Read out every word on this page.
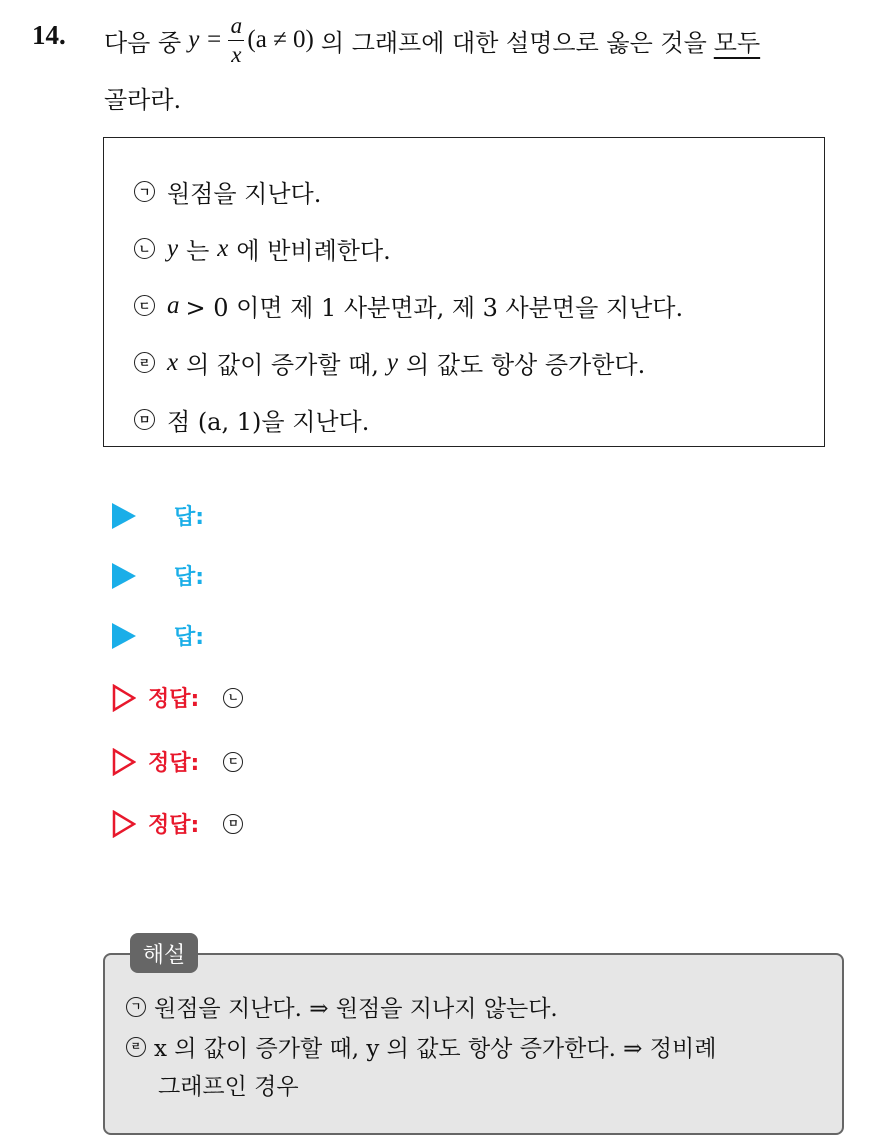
14. 다음 중 $y = \frac{a}{x} (a \ne 0)$ 의 그래프에 대한 설명으로 옳은 것을 모두
골라라.
ㄱ 원점을 지난다.
ㄴ y 는 x 에 반비례한다.
ㄷ a > 0 이면 제 1 사분면과, 제 3 사분면을 지난다.
ㄹ x 의 값이 증가할 때, y 의 값도 항상 증가한다.
ㅁ 점 (a, 1)을 지난다.
답:
답:
답:
정답:	ㄴ
정답:	ㄷ
정답:	ㅁ
해설
ㄱ 원점을 지난다. ⇒ 원점을 지나지 않는다.
ㄹ x 의 값이 증가할 때, y 의 값도 항상 증가한다. ⇒ 정비례
그래프인 경우
